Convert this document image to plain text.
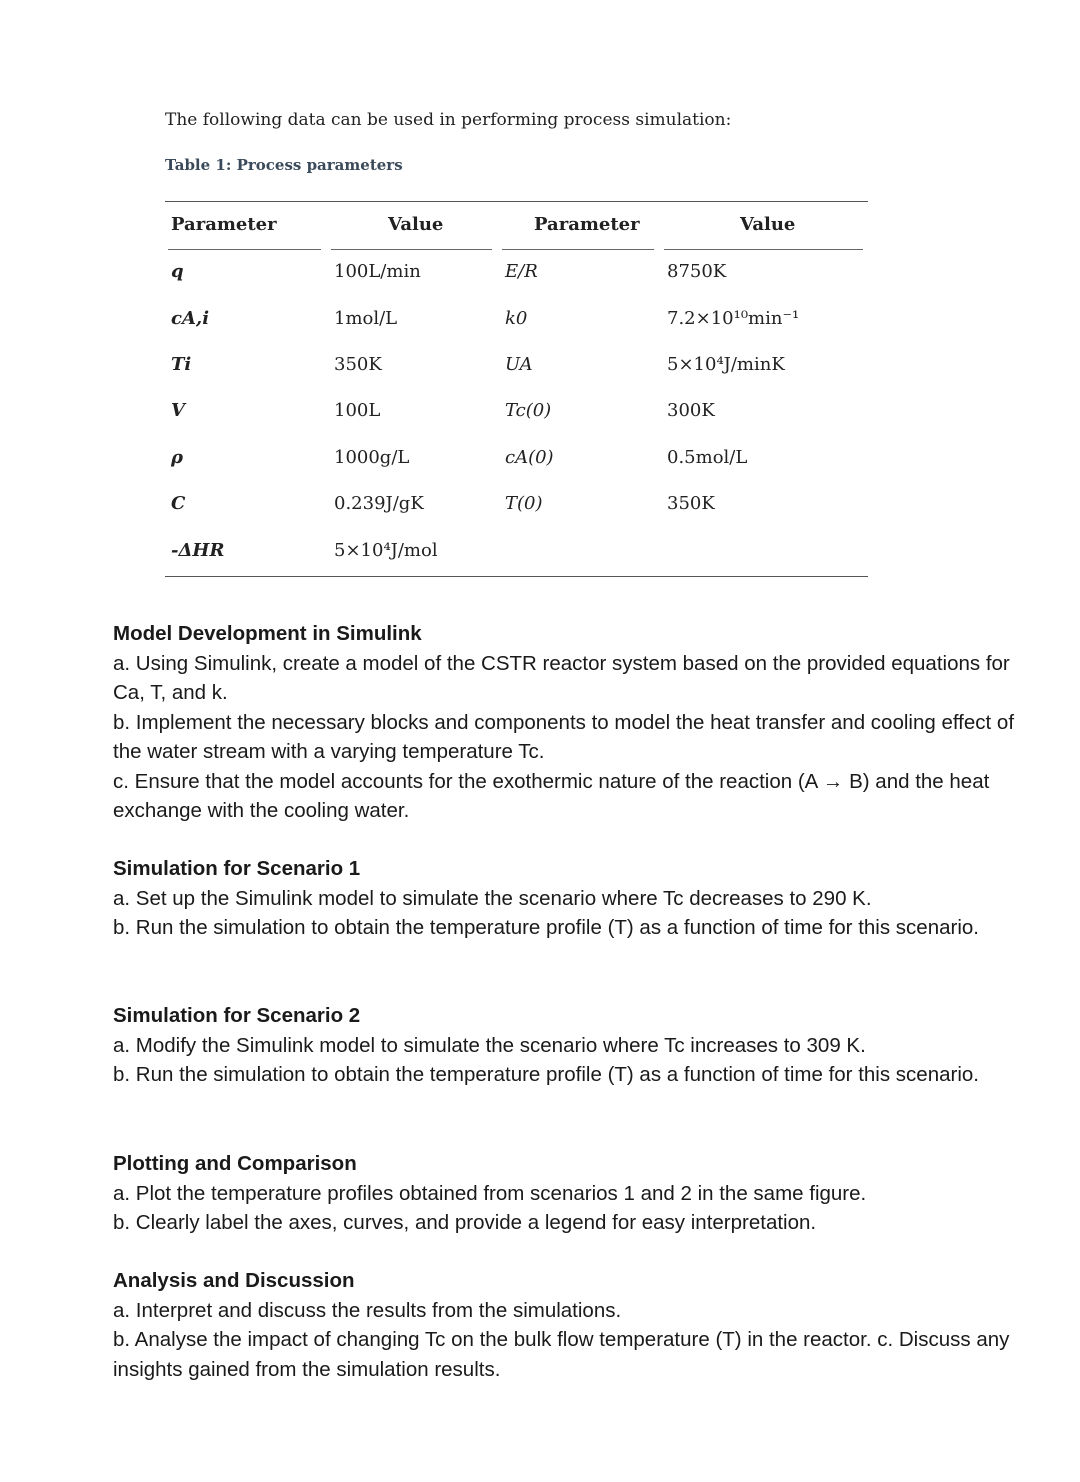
The following data can be used in performing process simulation:
Table 1: Process parameters
Parameter	Value	Parameter	Value
q	100L/min	E/R	8750K
cA,i	1mol/L	k0	7.2×10¹⁰min⁻¹
Ti	350K	UA	5×10⁴J/minK
V	100L	Tc(0)	300K
ρ	1000g/L	cA(0)	0.5mol/L
C	0.239J/gK	T(0)	350K
-ΔHR	5×10⁴J/mol
Model Development in Simulink

a. Using Simulink, create a model of the CSTR reactor system based on the provided equations for Ca, T, and k.

b. Implement the necessary blocks and components to model the heat transfer and cooling effect of the water stream with a varying temperature Tc.

c. Ensure that the model accounts for the exothermic nature of the reaction (A → B) and the heat exchange with the cooling water.

Simulation for Scenario 1

a. Set up the Simulink model to simulate the scenario where Tc decreases to 290 K.

b. Run the simulation to obtain the temperature profile (T) as a function of time for this scenario.

Simulation for Scenario 2

a. Modify the Simulink model to simulate the scenario where Tc increases to 309 K.

b. Run the simulation to obtain the temperature profile (T) as a function of time for this scenario.

Plotting and Comparison

a. Plot the temperature profiles obtained from scenarios 1 and 2 in the same figure.

b. Clearly label the axes, curves, and provide a legend for easy interpretation.

Analysis and Discussion

a. Interpret and discuss the results from the simulations.

b. Analyse the impact of changing Tc on the bulk flow temperature (T) in the reactor. c. Discuss any insights gained from the simulation results.
